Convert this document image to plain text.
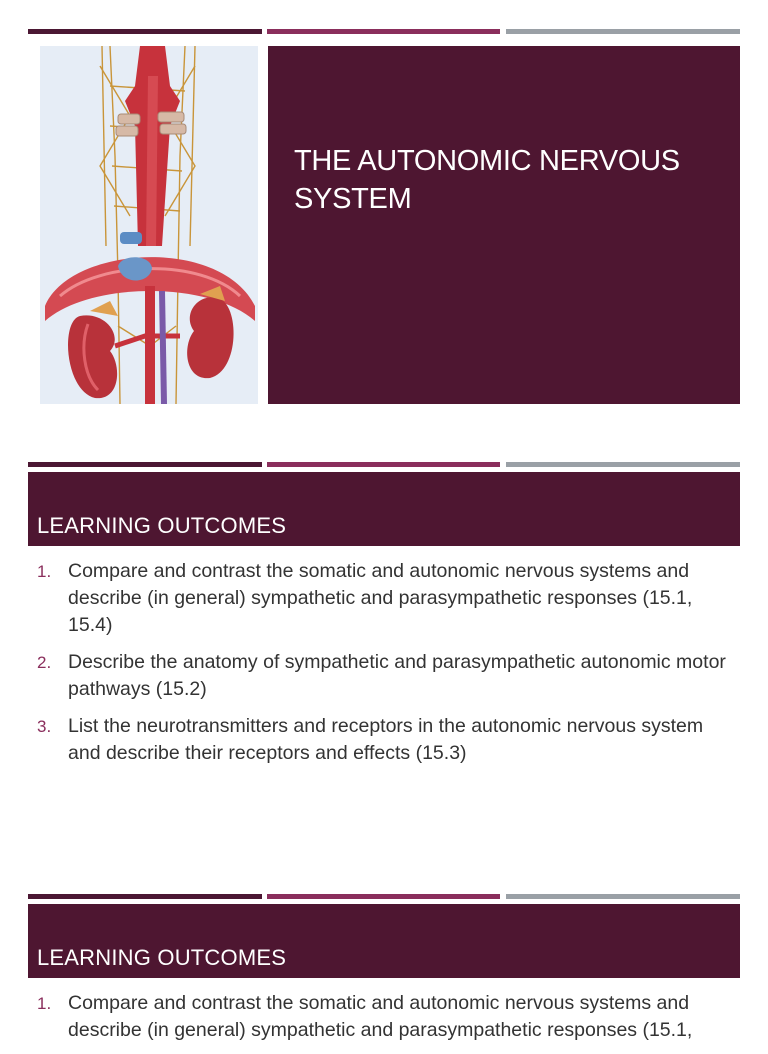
THE AUTONOMIC NERVOUS SYSTEM
LEARNING OUTCOMES
1. Compare and contrast the somatic and autonomic nervous systems and describe (in general) sympathetic and parasympathetic responses (15.1, 15.4)
2. Describe the anatomy of sympathetic and parasympathetic autonomic motor pathways (15.2)
3. List the neurotransmitters and receptors in the autonomic nervous system and describe their receptors and effects (15.3)
LEARNING OUTCOMES
1. Compare and contrast the somatic and autonomic nervous systems and describe (in general) sympathetic and parasympathetic responses (15.1,
